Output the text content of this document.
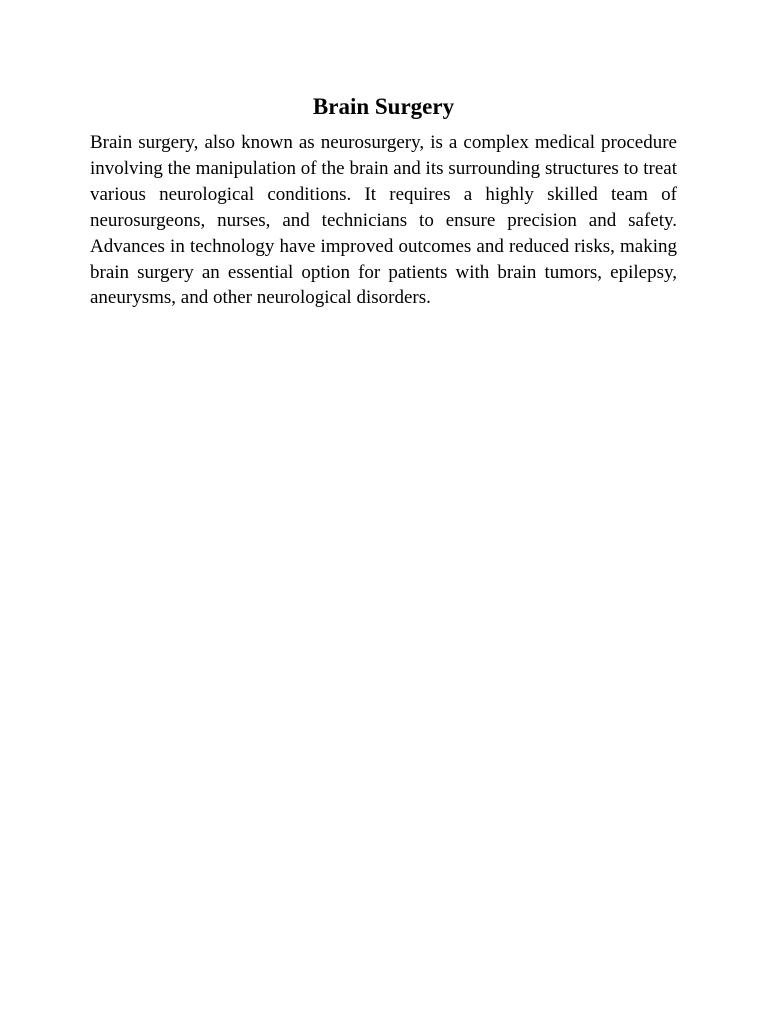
Brain Surgery

Brain surgery, also known as neurosurgery, is a complex medical procedure involving the manipulation of the brain and its surrounding structures to treat various neurological conditions. It requires a highly skilled team of neurosurgeons, nurses, and technicians to ensure precision and safety. Advances in technology have improved outcomes and reduced risks, making brain surgery an essential option for patients with brain tumors, epilepsy, aneurysms, and other neurological disorders.
